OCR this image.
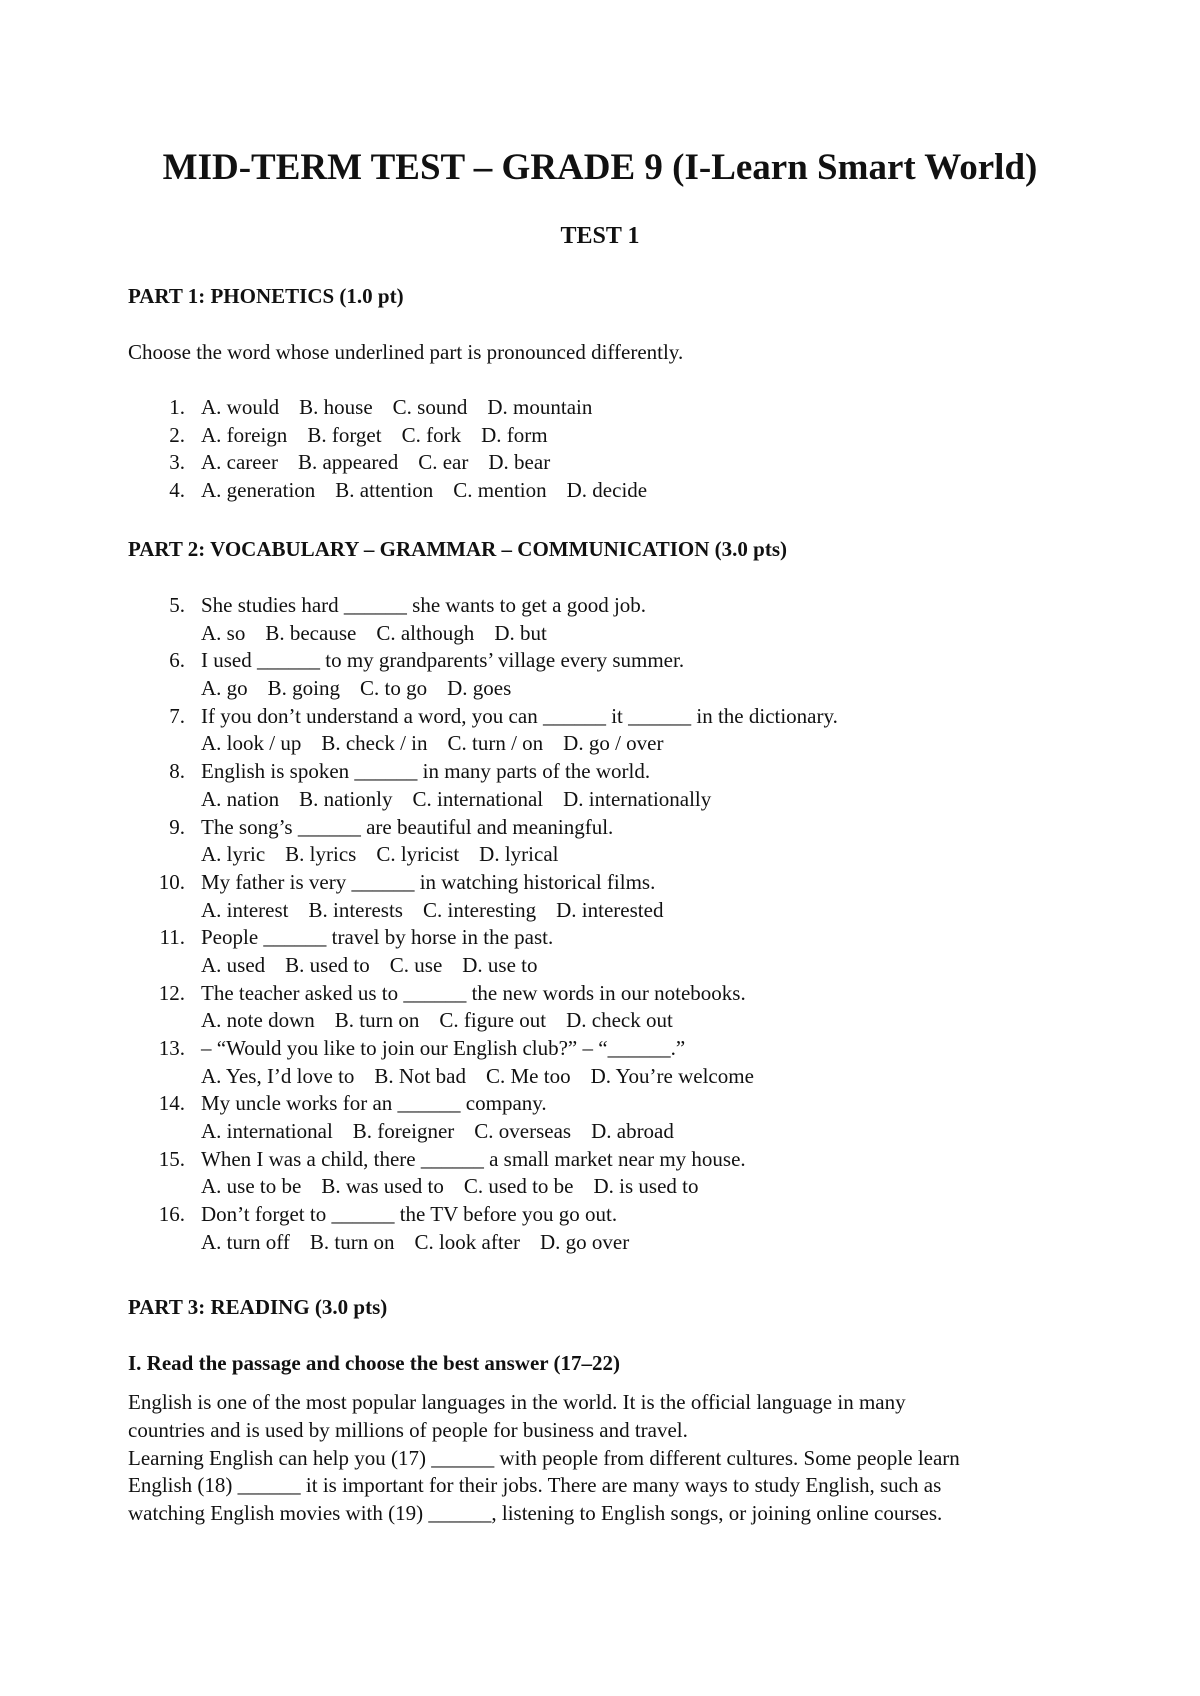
MID-TERM TEST – GRADE 9 (I-Learn Smart World)
TEST 1
PART 1: PHONETICS (1.0 pt)
Choose the word whose underlined part is pronounced differently.
1. A. would B. house C. sound D. mountain
2. A. foreign B. forget C. fork D. form
3. A. career B. appeared C. ear D. bear
4. A. generation B. attention C. mention D. decide
PART 2: VOCABULARY – GRAMMAR – COMMUNICATION (3.0 pts)
5. She studies hard ______ she wants to get a good job.
A. so B. because C. although D. but
6. I used ______ to my grandparents’ village every summer.
A. go B. going C. to go D. goes
7. If you don’t understand a word, you can ______ it ______ in the dictionary.
A. look / up B. check / in C. turn / on D. go / over
8. English is spoken ______ in many parts of the world.
A. nation B. nationly C. international D. internationally
9. The song’s ______ are beautiful and meaningful.
A. lyric B. lyrics C. lyricist D. lyrical
10. My father is very ______ in watching historical films.
A. interest B. interests C. interesting D. interested
11. People ______ travel by horse in the past.
A. used B. used to C. use D. use to
12. The teacher asked us to ______ the new words in our notebooks.
A. note down B. turn on C. figure out D. check out
13. – “Would you like to join our English club?” – “______.”
A. Yes, I’d love to B. Not bad C. Me too D. You’re welcome
14. My uncle works for an ______ company.
A. international B. foreigner C. overseas D. abroad
15. When I was a child, there ______ a small market near my house.
A. use to be B. was used to C. used to be D. is used to
16. Don’t forget to ______ the TV before you go out.
A. turn off B. turn on C. look after D. go over
PART 3: READING (3.0 pts)
I. Read the passage and choose the best answer (17–22)

English is one of the most popular languages in the world. It is the official language in many

countries and is used by millions of people for business and travel.

Learning English can help you (17) ______ with people from different cultures. Some people learn

English (18) ______ it is important for their jobs. There are many ways to study English, such as

watching English movies with (19) ______, listening to English songs, or joining online courses.
